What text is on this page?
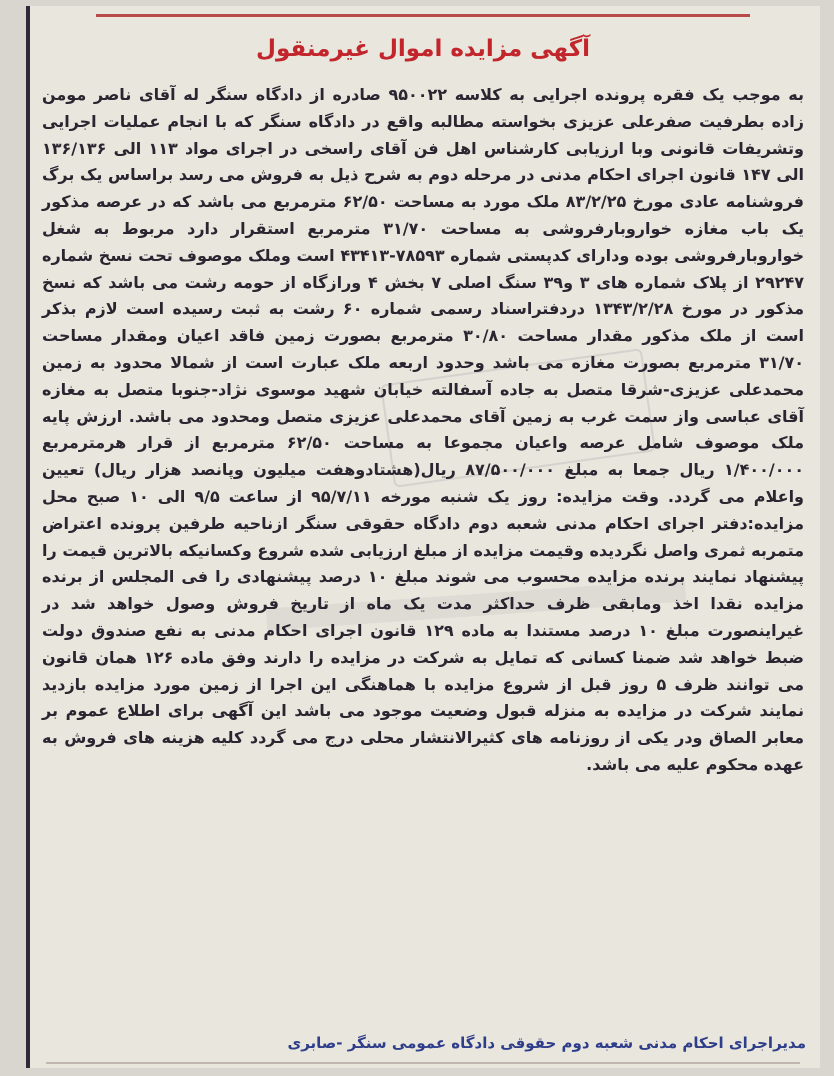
آگهی مزایده اموال غیرمنقول
به موجب یک فقره پرونده اجرایی به کلاسه ۹۵۰۰۲۲ صادره از دادگاه سنگر له آقای ناصر مومن زاده بطرفیت صفرعلی عزیزی بخواسته مطالبه واقع در دادگاه سنگر که با انجام عملیات اجرایی وتشریفات قانونی وبا ارزیابی کارشناس اهل فن آقای راسخی در اجرای مواد ۱۱۳ الی ۱۳۶/۱۳۶ الی ۱۴۷ قانون اجرای احکام مدنی در مرحله دوم به شرح ذیل به فروش می رسد براساس یک برگ فروشنامه عادی مورخ ۸۳/۲/۲۵ ملک مورد به مساحت ۶۲/۵۰ مترمربع می باشد که در عرصه مذکور یک باب مغازه خواروبارفروشی به مساحت ۳۱/۷۰ مترمربع استقرار دارد مربوط به شغل خواروبارفروشی بوده ودارای کدپستی شماره ۷۸۵۹۳-۴۳۴۱۳ است وملک موصوف تحت نسخ شماره ۲۹۲۴۷ از پلاک شماره های ۳ و۳۹ سنگ اصلی ۷ بخش ۴ ورازگاه از حومه رشت می باشد که نسخ مذکور در مورخ ۱۳۴۳/۲/۲۸ دردفتراسناد رسمی شماره ۶۰ رشت به ثبت رسیده است لازم بذکر است از ملک مذکور مقدار مساحت ۳۰/۸۰ مترمربع بصورت زمین فاقد اعیان ومقدار مساحت ۳۱/۷۰ مترمربع بصورت مغازه می باشد وحدود اربعه ملک عبارت است از شمالا محدود به زمین محمدعلی عزیزی-شرقا متصل به جاده آسفالته خیابان شهید موسوی نژاد-جنوبا متصل به مغازه آقای عباسی واز سمت غرب به زمین آقای محمدعلی عزیزی متصل ومحدود می باشد. ارزش پایه ملک موصوف شامل عرصه واعیان مجموعا به مساحت ۶۲/۵۰ مترمربع از قرار هرمترمربع ۱/۴۰۰/۰۰۰ ریال جمعا به مبلغ ۸۷/۵۰۰/۰۰۰ ریال(هشتادوهفت میلیون وپانصد هزار ریال) تعیین واعلام می گردد. وقت مزایده: روز یک شنبه مورخه ۹۵/۷/۱۱ از ساعت ۹/۵ الی ۱۰ صبح محل مزایده:دفتر اجرای احکام مدنی شعبه دوم دادگاه حقوقی سنگر ازناحیه طرفین پرونده اعتراض متمربه ثمری واصل نگردیده وقیمت مزایده از مبلغ ارزیابی شده شروع وکسانیکه بالاترین قیمت را پیشنهاد نمایند برنده مزایده محسوب می شوند مبلغ ۱۰ درصد پیشنهادی را فی المجلس از برنده مزایده نقدا اخذ ومابقی ظرف حداکثر مدت یک ماه از تاریخ فروش وصول خواهد شد در غیراینصورت مبلغ ۱۰ درصد مستندا به ماده ۱۲۹ قانون اجرای احکام مدنی به نفع صندوق دولت ضبط خواهد شد ضمنا کسانی که تمایل به شرکت در مزایده را دارند وفق ماده ۱۲۶ همان قانون می توانند ظرف ۵ روز قبل از شروع مزایده با هماهنگی این اجرا از زمین مورد مزایده بازدید نمایند شرکت در مزایده به منزله قبول وضعیت موجود می باشد این آگهی برای اطلاع عموم بر معابر الصاق ودر یکی از روزنامه های کثیرالانتشار محلی درج می گردد کلیه هزینه های فروش به عهده محکوم علیه می باشد.
مدیراجرای احکام مدنی شعبه دوم حقوقی دادگاه عمومی سنگر -صابری
